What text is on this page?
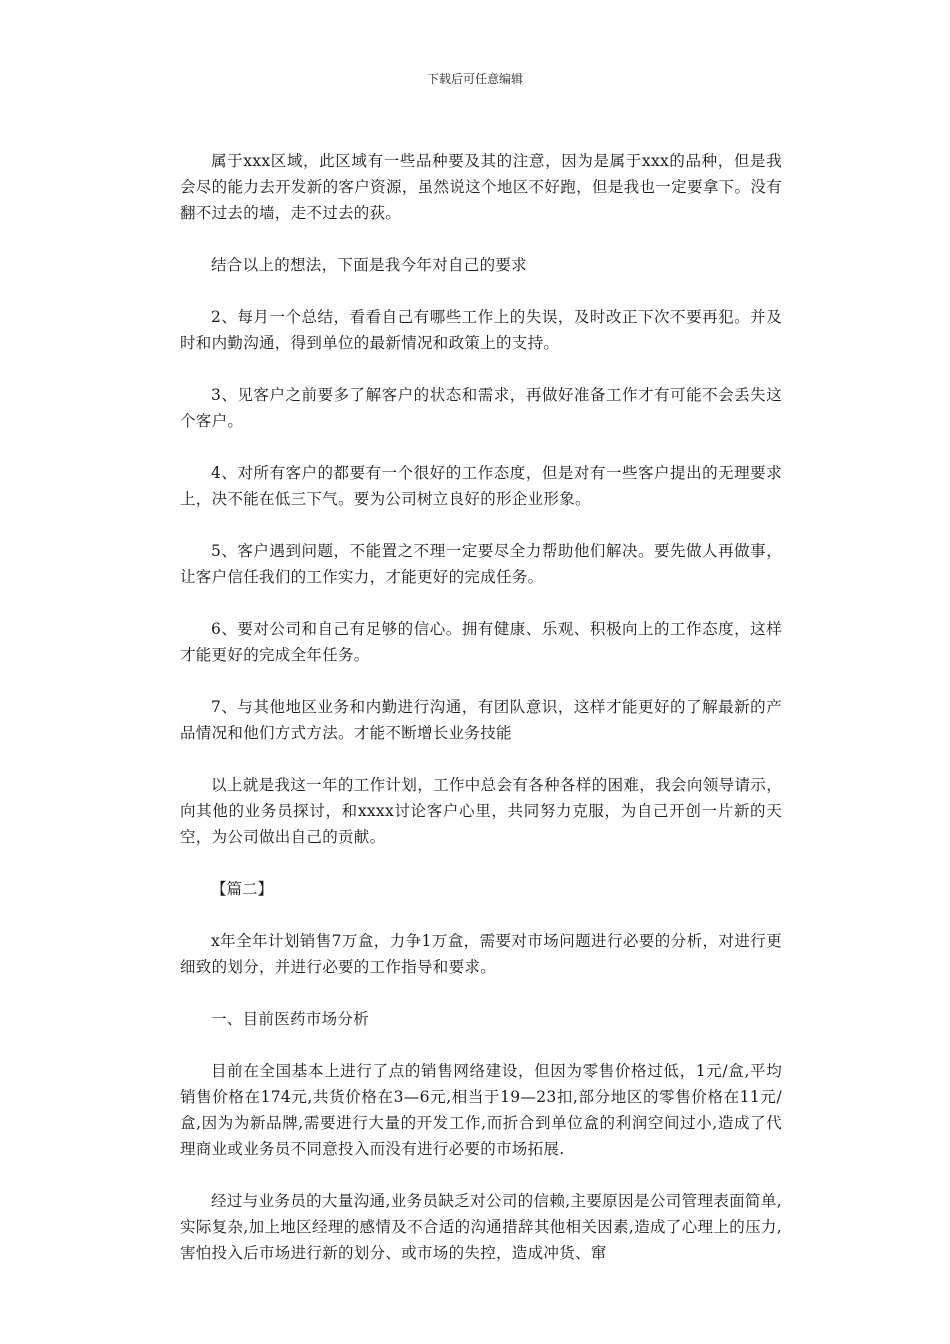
下载后可任意编辑

属于xxx区域，此区域有一些品种要及其的注意，因为是属于xxx的品种，但是我会尽的能力去开发新的客户资源，虽然说这个地区不好跑，但是我也一定要拿下。没有翻不过去的墙，走不过去的荻。

结合以上的想法，下面是我今年对自己的要求

2、每月一个总结，看看自己有哪些工作上的失误，及时改正下次不要再犯。并及时和内勤沟通，得到单位的最新情况和政策上的支持。

3、见客户之前要多了解客户的状态和需求，再做好准备工作才有可能不会丢失这个客户。

4、对所有客户的都要有一个很好的工作态度，但是对有一些客户提出的无理要求上，决不能在低三下气。要为公司树立良好的形企业形象。

5、客户遇到问题，不能置之不理一定要尽全力帮助他们解决。要先做人再做事，让客户信任我们的工作实力，才能更好的完成任务。

6、要对公司和自己有足够的信心。拥有健康、乐观、积极向上的工作态度，这样才能更好的完成全年任务。

7、与其他地区业务和内勤进行沟通，有团队意识，这样才能更好的了解最新的产品情况和他们方式方法。才能不断增长业务技能

以上就是我这一年的工作计划，工作中总会有各种各样的困难，我会向领导请示，向其他的业务员探讨，和xxxx讨论客户心里，共同努力克服，为自己开创一片新的天空，为公司做出自己的贡献。

【篇二】

x年全年计划销售7万盒，力争1万盒，需要对市场问题进行必要的分析，对进行更细致的划分，并进行必要的工作指导和要求。

一、目前医药市场分析

目前在全国基本上进行了点的销售网络建设，但因为零售价格过低，1元/盒,平均销售价格在174元,共货价格在3—6元,相当于19—23扣,部分地区的零售价格在11元/盒,因为为新品牌,需要进行大量的开发工作,而折合到单位盒的利润空间过小,造成了代理商业或业务员不同意投入而没有进行必要的市场拓展.

经过与业务员的大量沟通,业务员缺乏对公司的信赖,主要原因是公司管理表面简单,实际复杂,加上地区经理的感情及不合适的沟通措辞其他相关因素,造成了心理上的压力,害怕投入后市场进行新的划分、或市场的失控，造成冲货、窜
